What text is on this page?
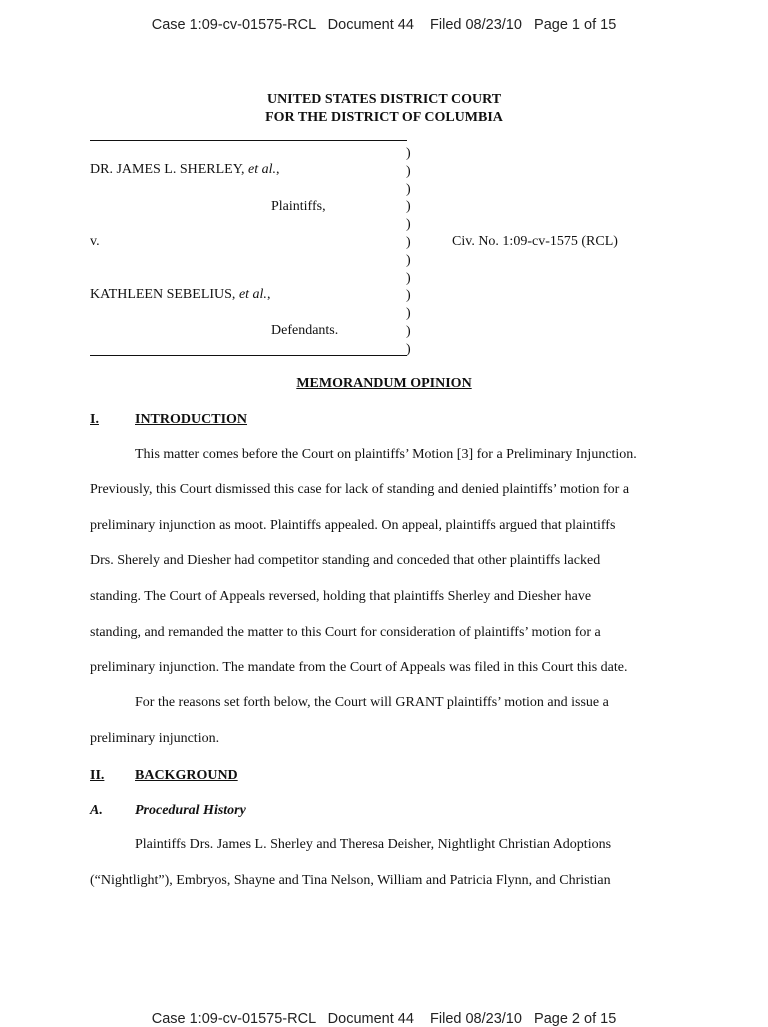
Case 1:09-cv-01575-RCL   Document 44    Filed 08/23/10   Page 1 of 15
UNITED STATES DISTRICT COURT
FOR THE DISTRICT OF COLUMBIA
)
)
)
)
)
)
)
)
)
)
)
)
DR. JAMES L. SHERLEY, et al.,
Plaintiffs,
v.	Civ. No. 1:09-cv-1575 (RCL)
KATHLEEN SEBELIUS, et al.,
Defendants.
MEMORANDUM OPINION
I.	INTRODUCTION
This matter comes before the Court on plaintiffs’ Motion [3] for a Preliminary Injunction.
Previously, this Court dismissed this case for lack of standing and denied plaintiffs’ motion for a
preliminary injunction as moot. Plaintiffs appealed. On appeal, plaintiffs argued that plaintiffs
Drs. Sherely and Diesher had competitor standing and conceded that other plaintiffs lacked
standing. The Court of Appeals reversed, holding that plaintiffs Sherley and Diesher have
standing, and remanded the matter to this Court for consideration of plaintiffs’ motion for a
preliminary injunction. The mandate from the Court of Appeals was filed in this Court this date.
For the reasons set forth below, the Court will GRANT plaintiffs’ motion and issue a
preliminary injunction.
II. BACKGROUND
A. Procedural History
Plaintiffs Drs. James L. Sherley and Theresa Deisher, Nightlight Christian Adoptions
(“Nightlight”), Embryos, Shayne and Tina Nelson, William and Patricia Flynn, and Christian
Case 1:09-cv-01575-RCL   Document 44    Filed 08/23/10   Page 2 of 15
